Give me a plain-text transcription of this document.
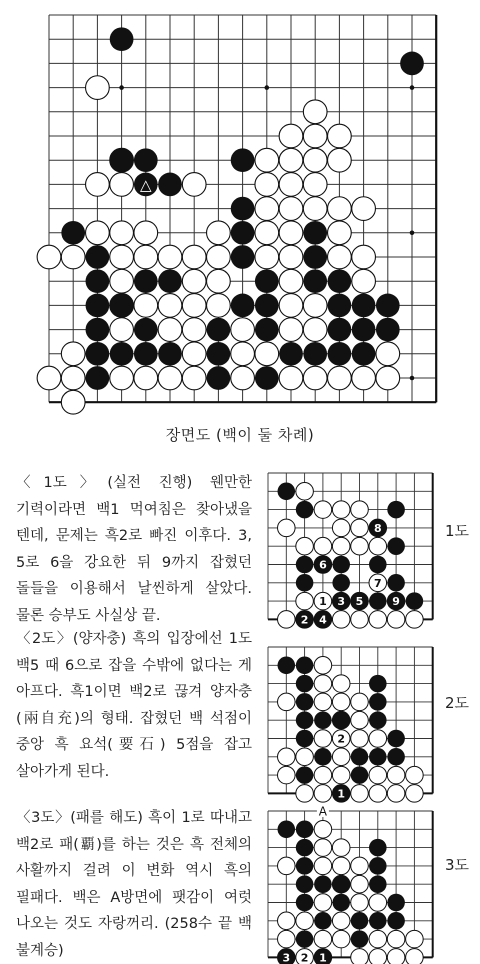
△
장면도 (백이 둘 차례)
〈1도〉(실전 진행) 웬만한 기력이라면 백1 먹여침은 찾아냈을 텐데, 문제는 흑2로 빠진 이후다. 3, 5로 6을 강요한 뒤 9까지 잡혔던 돌들을 이용해서 날씬하게 살았다. 물론 승부도 사실상 끝.
〈2도〉(양자충) 흑의 입장에선 1도 백5 때 6으로 잡을 수밖에 없다는 게 아프다. 흑1이면 백2로 끊겨 양자충(兩自充)의 형태. 잡혔던 백 석점이 중앙 흑 요석(要石) 5점을 잡고 살아가게 된다.
〈3도〉(패를 해도) 흑이 1로 따내고 백2로 패(覇)를 하는 것은 흑 전체의 사활까지 걸려 이 변화 역시 흑의 필패다. 백은 A방면에 팻감이 여럿 나오는 것도 자랑꺼리. (258수 끝 백 불계승)
8
6
7
1 3 5	9
2 4
1도
2
1
2도
3 2 1
A
3도
